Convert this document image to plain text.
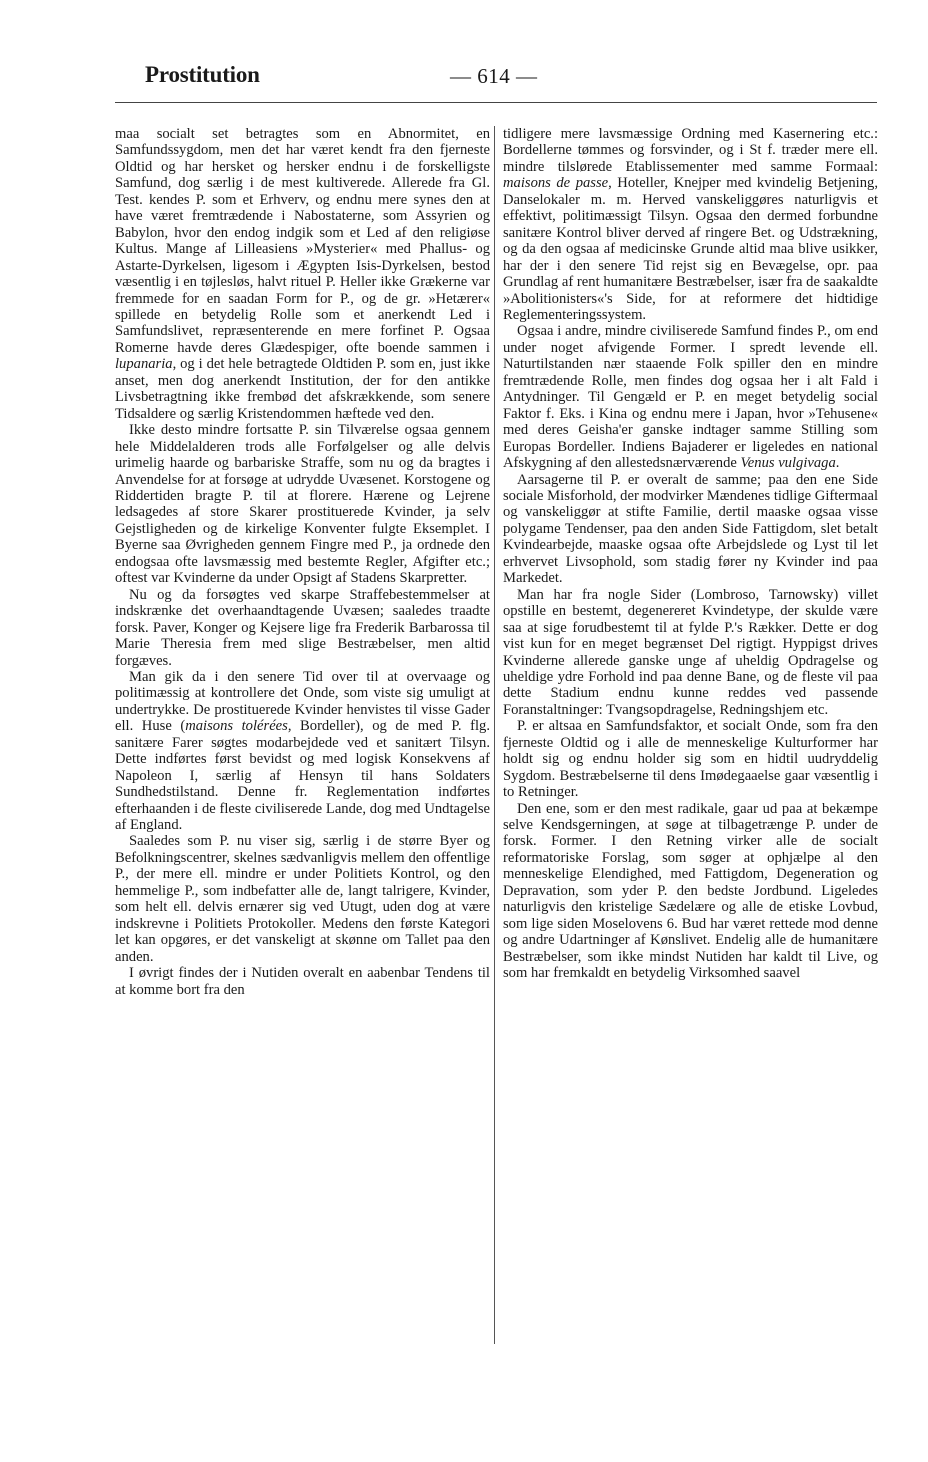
Prostitution	— 614 —

maa socialt set betragtes som en Abnormitet, en Samfundssygdom, men det har været kendt fra den fjerneste Oldtid og har hersket og hersker endnu i de forskelligste Samfund, dog særlig i de mest kultiverede. Allerede fra Gl. Test. kendes P. som et Erhverv, og endnu mere synes den at have været fremtrædende i Nabostaterne, som Assyrien og Babylon, hvor den endog indgik som et Led af den religiøse Kultus. Mange af Lilleasiens »Mysterier« med Phallus- og Astarte-Dyrkelsen, ligesom i Ægypten Isis-Dyrkelsen, bestod væsentlig i en tøjlesløs, halvt rituel P. Heller ikke Grækerne var fremmede for en saadan Form for P., og de gr. »Hetærer« spillede en betydelig Rolle som et anerkendt Led i Samfundslivet, repræsenterende en mere forfinet P. Ogsaa Romerne havde deres Glædespiger, ofte boende sammen i lupanaria, og i det hele betragtede Oldtiden P. som en, just ikke anset, men dog anerkendt Institution, der for den antikke Livsbetragtning ikke frembød det afskrækkende, som senere Tidsaldere og særlig Kristendommen hæftede ved den.

Ikke desto mindre fortsatte P. sin Tilværelse ogsaa gennem hele Middelalderen trods alle Forfølgelser og alle delvis urimelig haarde og barbariske Straffe, som nu og da bragtes i Anvendelse for at forsøge at udrydde Uvæsenet. Korstogene og Riddertiden bragte P. til at florere. Hærene og Lejrene ledsagedes af store Skarer prostituerede Kvinder, ja selv Gejstligheden og de kirkelige Konventer fulgte Eksemplet. I Byerne saa Øvrigheden gennem Fingre med P., ja ordnede den endogsaa ofte lavsmæssig med bestemte Regler, Afgifter etc.; oftest var Kvinderne da under Opsigt af Stadens Skarpretter.

Nu og da forsøgtes ved skarpe Straffebestemmelser at indskrænke det overhaandtagende Uvæsen; saaledes traadte forsk. Paver, Konger og Kejsere lige fra Frederik Barbarossa til Marie Theresia frem med slige Bestræbelser, men altid forgæves.

Man gik da i den senere Tid over til at overvaage og politimæssig at kontrollere det Onde, som viste sig umuligt at undertrykke. De prostituerede Kvinder henvistes til visse Gader ell. Huse (maisons tolérées, Bordeller), og de med P. flg. sanitære Farer søgtes modarbejdede ved et sanitært Tilsyn. Dette indførtes først bevidst og med logisk Konsekvens af Napoleon I, særlig af Hensyn til hans Soldaters Sundhedstilstand. Denne fr. Reglementation indførtes efterhaanden i de fleste civiliserede Lande, dog med Undtagelse af England.

Saaledes som P. nu viser sig, særlig i de større Byer og Befolkningscentrer, skelnes sædvanligvis mellem den offentlige P., der mere ell. mindre er under Politiets Kontrol, og den hemmelige P., som indbefatter alle de, langt talrigere, Kvinder, som helt ell. delvis ernærer sig ved Utugt, uden dog at være indskrevne i Politiets Protokoller. Medens den første Kategori let kan opgøres, er det vanskeligt at skønne om Tallet paa den anden.

I øvrigt findes der i Nutiden overalt en aabenbar Tendens til at komme bort fra den

tidligere mere lavsmæssige Ordning med Kasernering etc.: Bordellerne tømmes og forsvinder, og i St f. træder mere ell. mindre tilslørede Etablissementer med samme Formaal: maisons de passe, Hoteller, Knejper med kvindelig Betjening, Danselokaler m. m. Herved vanskeliggøres naturligvis et effektivt, politimæssigt Tilsyn. Ogsaa den dermed forbundne sanitære Kontrol bliver derved af ringere Bet. og Udstrækning, og da den ogsaa af medicinske Grunde altid maa blive usikker, har der i den senere Tid rejst sig en Bevægelse, opr. paa Grundlag af rent humanitære Bestræbelser, især fra de saakaldte »Abolitionisters«'s Side, for at reformere det hidtidige Reglementeringssystem.

Ogsaa i andre, mindre civiliserede Samfund findes P., om end under noget afvigende Former. I spredt levende ell. Naturtilstanden nær staaende Folk spiller den en mindre fremtrædende Rolle, men findes dog ogsaa her i alt Fald i Antydninger. Til Gengæld er P. en meget betydelig social Faktor f. Eks. i Kina og endnu mere i Japan, hvor »Tehusene« med deres Geisha'er ganske indtager samme Stilling som Europas Bordeller. Indiens Bajaderer er ligeledes en national Afskygning af den allestedsnærværende Venus vulgivaga.

Aarsagerne til P. er overalt de samme; paa den ene Side sociale Misforhold, der modvirker Mændenes tidlige Giftermaal og vanskeliggør at stifte Familie, dertil maaske ogsaa visse polygame Tendenser, paa den anden Side Fattigdom, slet betalt Kvindearbejde, maaske ogsaa ofte Arbejdslede og Lyst til let erhvervet Livsophold, som stadig fører ny Kvinder ind paa Markedet.

Man har fra nogle Sider (Lombroso, Tarnowsky) villet opstille en bestemt, degenereret Kvindetype, der skulde være saa at sige forudbestemt til at fylde P.'s Rækker. Dette er dog vist kun for en meget begrænset Del rigtigt. Hyppigst drives Kvinderne allerede ganske unge af uheldig Opdragelse og uheldige ydre Forhold ind paa denne Bane, og de fleste vil paa dette Stadium endnu kunne reddes ved passende Foranstaltninger: Tvangsopdragelse, Redningshjem etc.

P. er altsaa en Samfundsfaktor, et socialt Onde, som fra den fjerneste Oldtid og i alle de menneskelige Kulturformer har holdt sig og endnu holder sig som en hidtil uudryddelig Sygdom. Bestræbelserne til dens Imødegaaelse gaar væsentlig i to Retninger.

Den ene, som er den mest radikale, gaar ud paa at bekæmpe selve Kendsgerningen, at søge at tilbagetrænge P. under de forsk. Former. I den Retning virker alle de socialt reformatoriske Forslag, som søger at ophjælpe al den menneskelige Elendighed, med Fattigdom, Degeneration og Depravation, som yder P. den bedste Jordbund. Ligeledes naturligvis den kristelige Sædelære og alle de etiske Lovbud, som lige siden Moselovens 6. Bud har været rettede mod denne og andre Udartninger af Kønslivet. Endelig alle de humanitære Bestræbelser, som ikke mindst Nutiden har kaldt til Live, og som har fremkaldt en betydelig Virksomhed saavel
